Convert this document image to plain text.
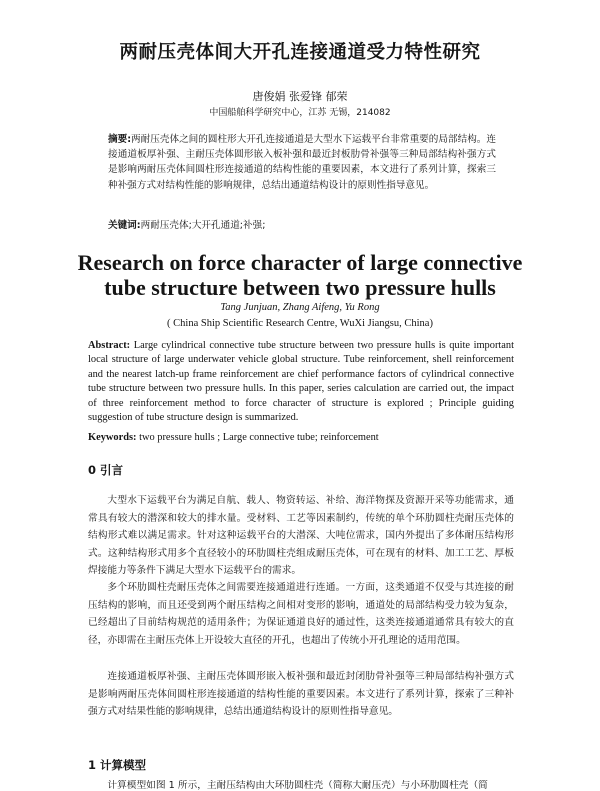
两耐压壳体间大开孔连接通道受力特性研究
唐俊娟 张爱锋 郁荣
中国船舶科学研究中心，江苏 无锡，214082
摘要:两耐压壳体之间的圆柱形大开孔连接通道是大型水下运载平台非常重要的局部结构。连接通道板厚补强、主耐压壳体圆形嵌入板补强和最近封板肋骨补强等三种局部结构补强方式是影响两耐压壳体间圆柱形连接通道的结构性能的重要因素，本文进行了系列计算，探索三种补强方式对结构性能的影响规律，总结出通道结构设计的原则性指导意见。
关键词:两耐压壳体;大开孔通道;补强;
Research on force character of large connective tube structure between two pressure hulls
Tang Junjuan, Zhang Aifeng, Yu Rong
( China Ship Scientific Research Centre, WuXi Jiangsu, China)
Abstract: Large cylindrical connective tube structure between two pressure hulls is quite important local structure of large underwater vehicle global structure. Tube reinforcement, shell reinforcement and the nearest latch-up frame reinforcement are chief performance factors of cylindrical connective tube structure between two pressure hulls. In this paper, series calculation are carried out, the impact of three reinforcement method to force character of structure is explored ; Principle guiding suggestion of tube structure design is summarized.
Keywords: two pressure hulls ; Large connective tube; reinforcement
0 引言
大型水下运载平台为满足自航、载人、物资转运、补给、海洋物探及资源开采等功能需求，通常具有较大的潜深和较大的排水量。受材料、工艺等因素制约，传统的单个环肋圆柱壳耐压壳体的结构形式难以满足需求。针对这种运载平台的大潜深、大吨位需求，国内外提出了多体耐压结构形式。这种结构形式用多个直径较小的环肋圆柱壳组成耐压壳体，可在现有的材料、加工工艺、厚板焊接能力等条件下满足大型水下运载平台的需求。
多个环肋圆柱壳耐压壳体之间需要连接通道进行连通。一方面，这类通道不仅受与其连接的耐压结构的影响，而且还受到两个耐压结构之间相对变形的影响，通道处的局部结构受力较为复杂，已经超出了目前结构规范的适用条件；为保证通道良好的通过性，这类连接通道通常具有较大的直径，亦即需在主耐压壳体上开设较大直径的开孔，也超出了传统小开孔理论的适用范围。
连接通道板厚补强、主耐压壳体圆形嵌入板补强和最近封闭肋骨补强等三种局部结构补强方式是影响两耐压壳体间圆柱形连接通道的结构性能的重要因素。本文进行了系列计算，探索了三种补强方式对结果性能的影响规律，总结出通道结构设计的原则性指导意见。
1 计算模型
计算模型如图 1 所示，主耐压结构由大环肋圆柱壳（简称大耐压壳）与小环肋圆柱壳（简
